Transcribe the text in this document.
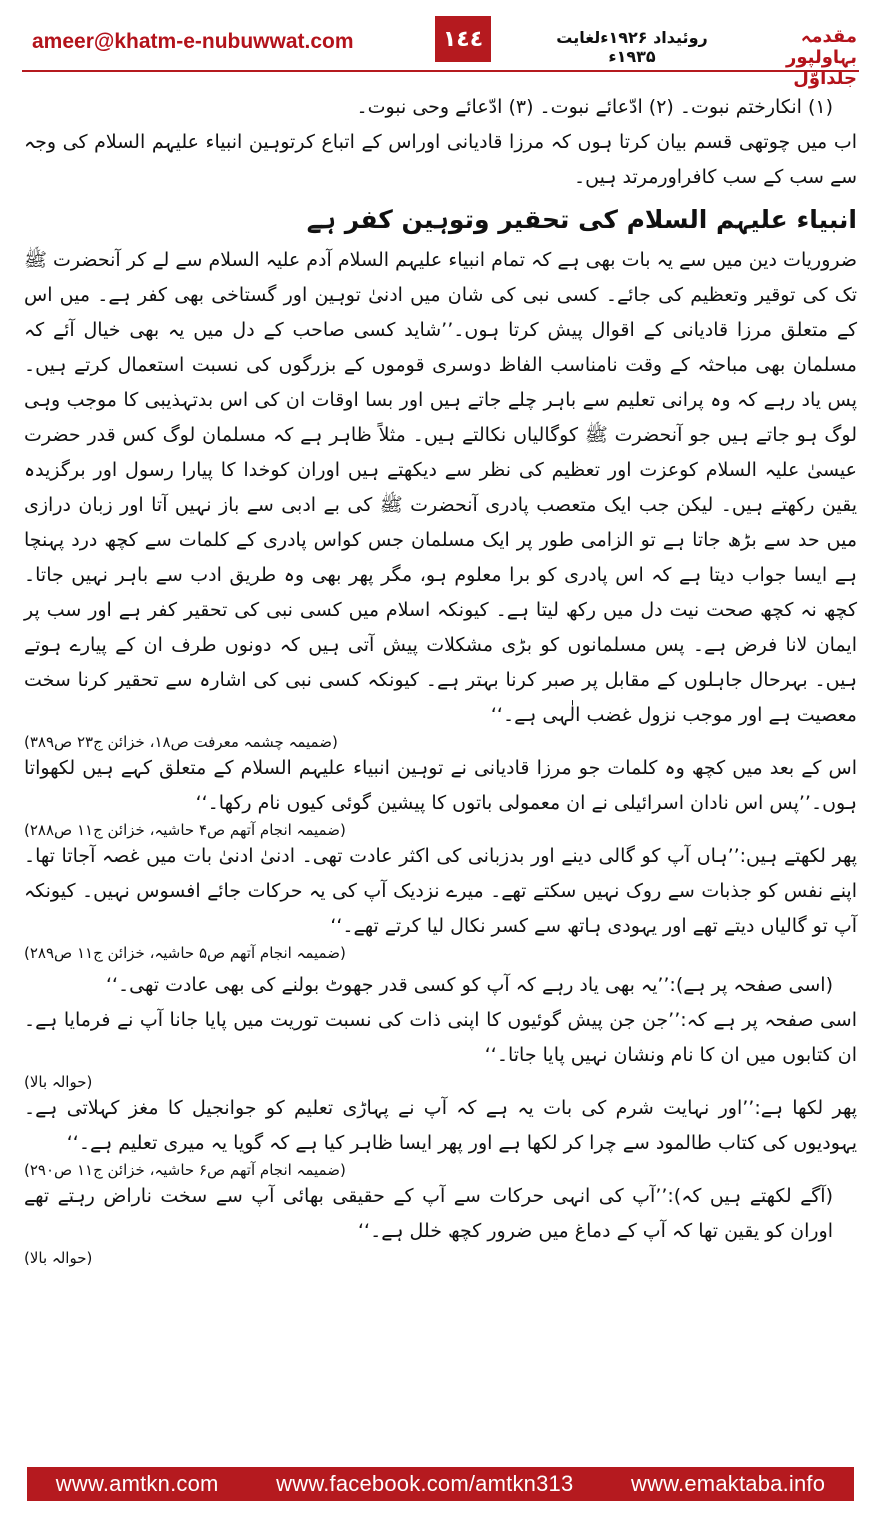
ameer@khatm-e-nubuwwat.com	١٤٤	روئیداد ۱۹۲۶ءلغایت ۱۹۳۵ء
مقدمہ بہاولپور جلداوّل

(۱) انکارختم نبوت۔ (۲) ادّعائے نبوت۔ (۳) ادّعائے وحی نبوت۔

اب میں چوتھی قسم بیان کرتا ہوں کہ مرزا قادیانی اوراس کے اتباع کرتوہین انبیاء علیہم السلام کی وجہ سے سب کے سب کافراورمرتد ہیں۔

انبیاء علیہم السلام کی تحقیر وتوہین کفر ہے

ضروریات دین میں سے یہ بات بھی ہے کہ تمام انبیاء علیہم السلام آدم علیہ السلام سے لے کر آنحضرت ﷺ تک کی توقیر وتعظیم کی جائے۔ کسی نبی کی شان میں ادنیٰ توہین اور گستاخی بھی کفر ہے۔ میں اس کے متعلق مرزا قادیانی کے اقوال پیش کرتا ہوں۔’’شاید کسی صاحب کے دل میں یہ بھی خیال آئے کہ مسلمان بھی مباحثہ کے وقت نامناسب الفاظ دوسری قوموں کے بزرگوں کی نسبت استعمال کرتے ہیں۔ پس یاد رہے کہ وہ پرانی تعلیم سے باہر چلے جاتے ہیں اور بسا اوقات ان کی اس بدتہذیبی کا موجب وہی لوگ ہو جاتے ہیں جو آنحضرت ﷺ کوگالیاں نکالتے ہیں۔ مثلاً ظاہر ہے کہ مسلمان لوگ کس قدر حضرت عیسیٰ علیہ السلام کوعزت اور تعظیم کی نظر سے دیکھتے ہیں اوران کوخدا کا پیارا رسول اور برگزیدہ یقین رکھتے ہیں۔ لیکن جب ایک متعصب پادری آنحضرت ﷺ کی بے ادبی سے باز نہیں آتا اور زبان درازی میں حد سے بڑھ جاتا ہے تو الزامی طور پر ایک مسلمان جس کواس پادری کے کلمات سے کچھ درد پہنچا ہے ایسا جواب دیتا ہے کہ اس پادری کو برا معلوم ہو، مگر پھر بھی وہ طریق ادب سے باہر نہیں جاتا۔ کچھ نہ کچھ صحت نیت دل میں رکھ لیتا ہے۔ کیونکہ اسلام میں کسی نبی کی تحقیر کفر ہے اور سب پر ایمان لانا فرض ہے۔ پس مسلمانوں کو بڑی مشکلات پیش آتی ہیں کہ دونوں طرف ان کے پیارے ہوتے ہیں۔ بہرحال جاہلوں کے مقابل پر صبر کرنا بہتر ہے۔ کیونکہ کسی نبی کی اشارہ سے تحقیر کرنا سخت معصیت ہے اور موجب نزول غضب الٰہی ہے۔‘‘

(ضمیمہ چشمہ معرفت ص۱۸، خزائن ج۲۳ ص۳۸۹)

اس کے بعد میں کچھ وہ کلمات جو مرزا قادیانی نے توہین انبیاء علیہم السلام کے متعلق کہے ہیں لکھواتا ہوں۔’’پس اس نادان اسرائیلی نے ان معمولی باتوں کا پیشین گوئی کیوں نام رکھا۔‘‘

(ضمیمہ انجام آتھم ص۴ حاشیہ، خزائن ج۱۱ ص۲۸۸)

پھر لکھتے ہیں:’’ہاں آپ کو گالی دینے اور بدزبانی کی اکثر عادت تھی۔ ادنیٰ ادنیٰ بات میں غصہ آجاتا تھا۔ اپنے نفس کو جذبات سے روک نہیں سکتے تھے۔ میرے نزدیک آپ کی یہ حرکات جائے افسوس نہیں۔ کیونکہ آپ تو گالیاں دیتے تھے اور یہودی ہاتھ سے کسر نکال لیا کرتے تھے۔‘‘

(ضمیمہ انجام آتھم ص۵ حاشیہ، خزائن ج۱۱ ص۲۸۹)

(اسی صفحہ پر ہے):’’یہ بھی یاد رہے کہ آپ کو کسی قدر جھوٹ بولنے کی بھی عادت تھی۔‘‘

اسی صفحہ پر ہے کہ:’’جن جن پیش گوئیوں کا اپنی ذات کی نسبت توریت میں پایا جانا آپ نے فرمایا ہے۔ ان کتابوں میں ان کا نام ونشان نہیں پایا جاتا۔‘‘

(حوالہ بالا)

پھر لکھا ہے:’’اور نہایت شرم کی بات یہ ہے کہ آپ نے پہاڑی تعلیم کو جوانجیل کا مغز کہلاتی ہے۔ یہودیوں کی کتاب طالمود سے چرا کر لکھا ہے اور پھر ایسا ظاہر کیا ہے کہ گویا یہ میری تعلیم ہے۔‘‘

(ضمیمہ انجام آتھم ص۶ حاشیہ، خزائن ج۱۱ ص۲۹۰)

(آگے لکھتے ہیں کہ):’’آپ کی انہی حرکات سے آپ کے حقیقی بھائی آپ سے سخت ناراض رہتے تھے اوران کو یقین تھا کہ آپ کے دماغ میں ضرور کچھ خلل ہے۔‘‘

(حوالہ بالا)

www.amtkn.com	www.facebook.com/amtkn313	www.emaktaba.info
